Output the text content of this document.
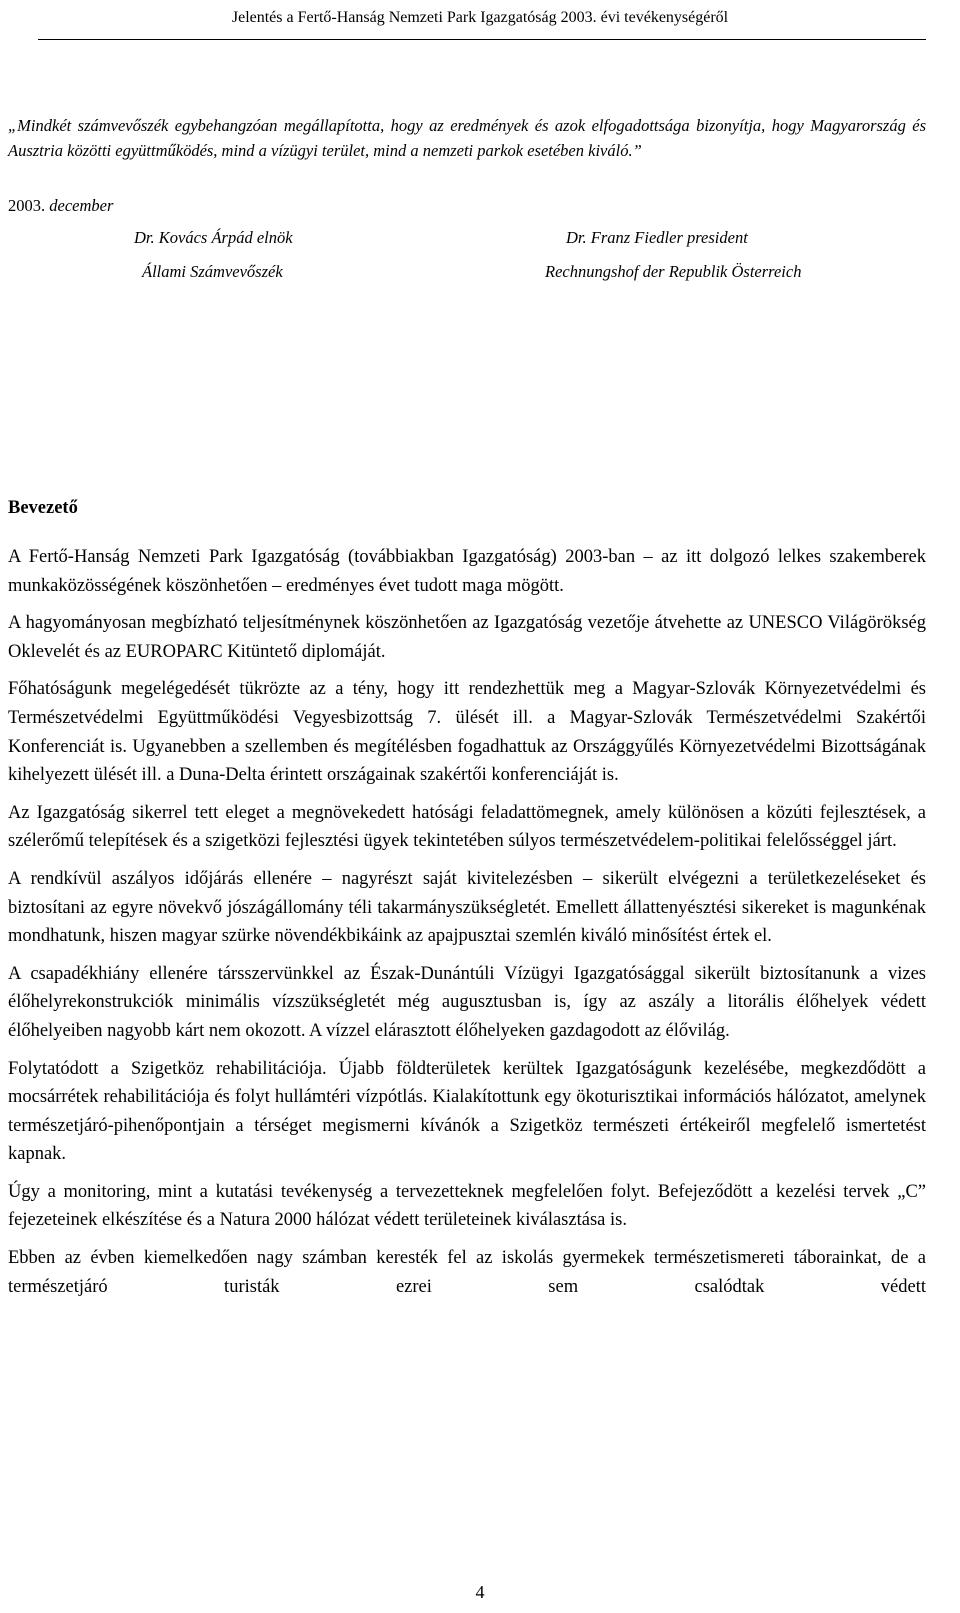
Jelentés a Fertő-Hanság Nemzeti Park Igazgatóság 2003. évi tevékenységéről

„Mindkét számvevőszék egybehangzóan megállapította, hogy az eredmények és azok elfogadottsága bizonyítja, hogy Magyarország és Ausztria közötti együttműködés, mind a vízügyi terület, mind a nemzeti parkok esetében kiváló.”

2003. december
Dr. Kovács Árpád elnök
Állami Számvevőszék
Dr. Franz Fiedler president
Rechnungshof der Republik Österreich
Bevezető

A Fertő-Hanság Nemzeti Park Igazgatóság (továbbiakban Igazgatóság) 2003-ban – az itt dolgozó lelkes szakemberek munkaközösségének köszönhetően – eredményes évet tudott maga mögött.

A hagyományosan megbízható teljesítménynek köszönhetően az Igazgatóság vezetője átvehette az UNESCO Világörökség Oklevelét és az EUROPARC Kitüntető diplomáját.

Főhatóságunk megelégedését tükrözte az a tény, hogy itt rendezhettük meg a Magyar-Szlovák Környezetvédelmi és Természetvédelmi Együttműködési Vegyesbizottság 7. ülését ill. a Magyar-Szlovák Természetvédelmi Szakértői Konferenciát is. Ugyanebben a szellemben és megítélésben fogadhattuk az Országgyűlés Környezetvédelmi Bizottságának kihelyezett ülését ill. a Duna-Delta érintett országainak szakértői konferenciáját is.

Az Igazgatóság sikerrel tett eleget a megnövekedett hatósági feladattömegnek, amely különösen a közúti fejlesztések, a szélerőmű telepítések és a szigetközi fejlesztési ügyek tekintetében súlyos természetvédelem-politikai felelősséggel járt.

A rendkívül aszályos időjárás ellenére – nagyrészt saját kivitelezésben – sikerült elvégezni a területkezeléseket és biztosítani az egyre növekvő jószágállomány téli takarmányszükségletét. Emellett állattenyésztési sikereket is magunkénak mondhatunk, hiszen magyar szürke növendékbikáink az apajpusztai szemlén kiváló minősítést értek el.

A csapadékhiány ellenére társszervünkkel az Észak-Dunántúli Vízügyi Igazgatósággal sikerült biztosítanunk a vizes élőhelyrekonstrukciók minimális vízszükségletét még augusztusban is, így az aszály a litorális élőhelyek védett élőhelyeiben nagyobb kárt nem okozott. A vízzel elárasztott élőhelyeken gazdagodott az élővilág.

Folytatódott a Szigetköz rehabilitációja. Újabb földterületek kerültek Igazgatóságunk kezelésébe, megkezdődött a mocsárrétek rehabilitációja és folyt hullámtéri vízpótlás. Kialakítottunk egy ökoturisztikai információs hálózatot, amelynek természetjáró-pihenőpontjain a térséget megismerni kívánók a Szigetköz természeti értékeiről megfelelő ismertetést kapnak.

Úgy a monitoring, mint a kutatási tevékenység a tervezetteknek megfelelően folyt. Befejeződött a kezelési tervek „C” fejezeteinek elkészítése és a Natura 2000 hálózat védett területeinek kiválasztása is.

Ebben az évben kiemelkedően nagy számban keresték fel az iskolás gyermekek természetismereti táborainkat, de a természetjáró turisták ezrei sem csalódtak védett

4
